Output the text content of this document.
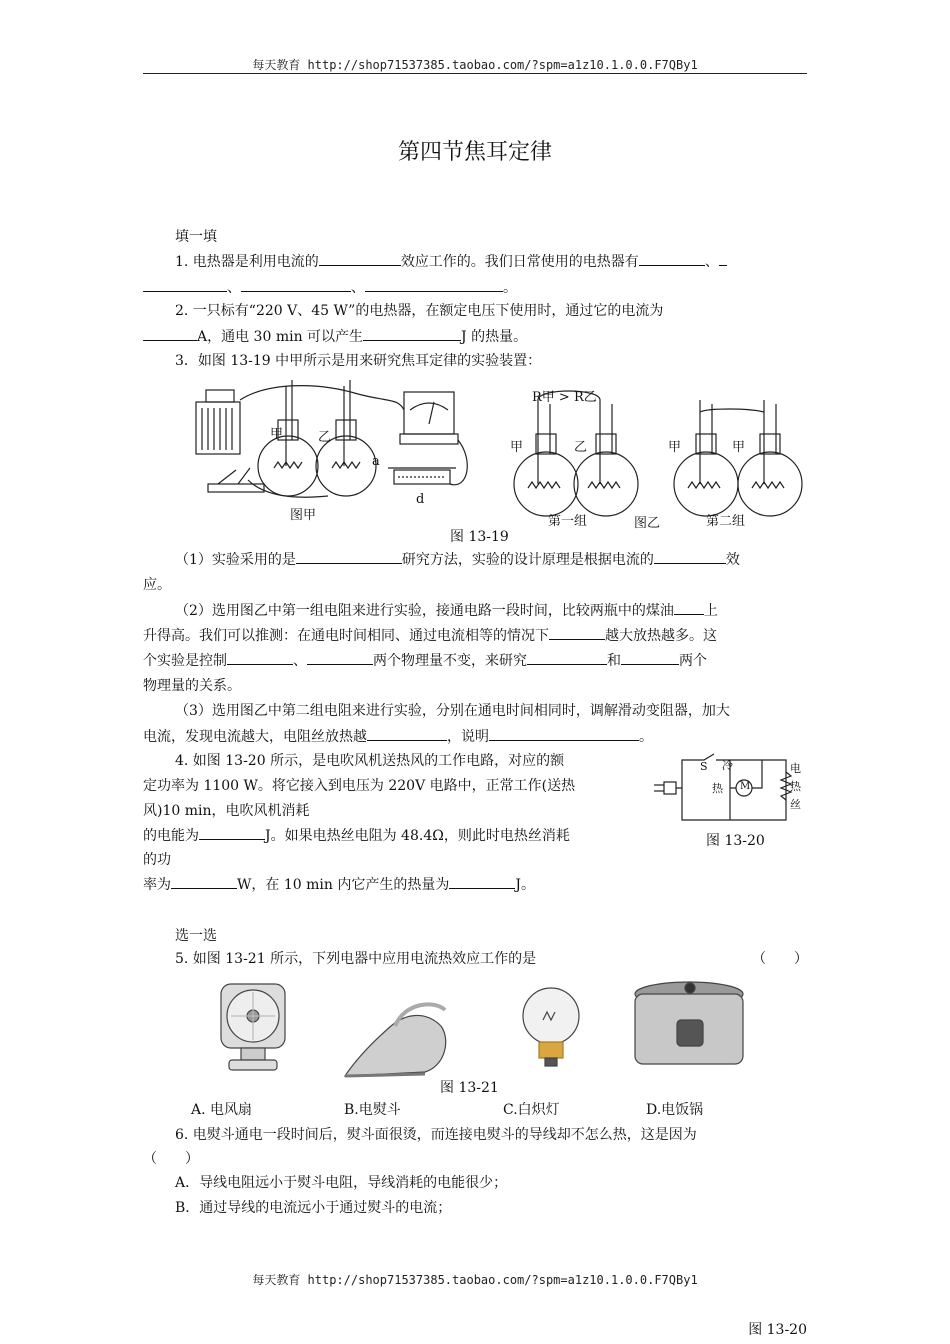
每天教育 http://shop71537385.taobao.com/?spm=a1z10.1.0.0.F7QBy1
第四节焦耳定律
填一填
1. 电热器是利用电流的	效应工作的。我们日常使用的电热器有	、
、	、	。
2. 一只标有“220 V、45 W”的电热器，在额定电压下使用时，通过它的电流为
A，通电 30 min 可以产生	J 的热量。
3．如图 13-19 中甲所示是用来研究焦耳定律的实验装置：
甲	乙
a
d
图甲
R甲 > R乙
甲	乙	甲	甲
第一组	图乙	第二组
图 13-19
（1）实验采用的是	研究方法，实验的设计原理是根据电流的	效
应。
（2）选用图乙中第一组电阻来进行实验，接通电路一段时间，比较两瓶中的煤油 上
升得高。我们可以推测：在通电时间相同、通过电流相等的情况下	越大放热越多。这
个实验是控制	、	两个物理量不变，来研究	和	两个
物理量的关系。
（3）选用图乙中第二组电阻来进行实验，分别在通电时间相同时，调解滑动变阻器，加大
电流，发现电流越大，电阻丝放热越	，说明	。
4. 如图 13-20 所示，是电吹风机送热风的工作电路，对应的额
定功率为 1100 W。将它接入到电压为 220V 电路中，正常工作(送热
风)10 min，电吹风机消耗
的电能为	J。如果电热丝电阻为 48.4Ω，则此时电热丝消耗
的功
率为	W，在 10 min 内它产生的热量为	J。
S 冷
热 M
电
热
丝
图 13-20
选一选
5. 如图 13-21 所示，下列电器中应用电流热效应工作的是	（　　）
图 13-21
A. 电风扇	B.电熨斗	C.白炽灯	D.电饭锅
6. 电熨斗通电一段时间后，熨斗面很烫，而连接电熨斗的导线却不怎么热，这是因为
（　　）
A．导线电阻远小于熨斗电阻，导线消耗的电能很少；
B．通过导线的电流远小于通过熨斗的电流；
每天教育 http://shop71537385.taobao.com/?spm=a1z10.1.0.0.F7QBy1
图 13-20
